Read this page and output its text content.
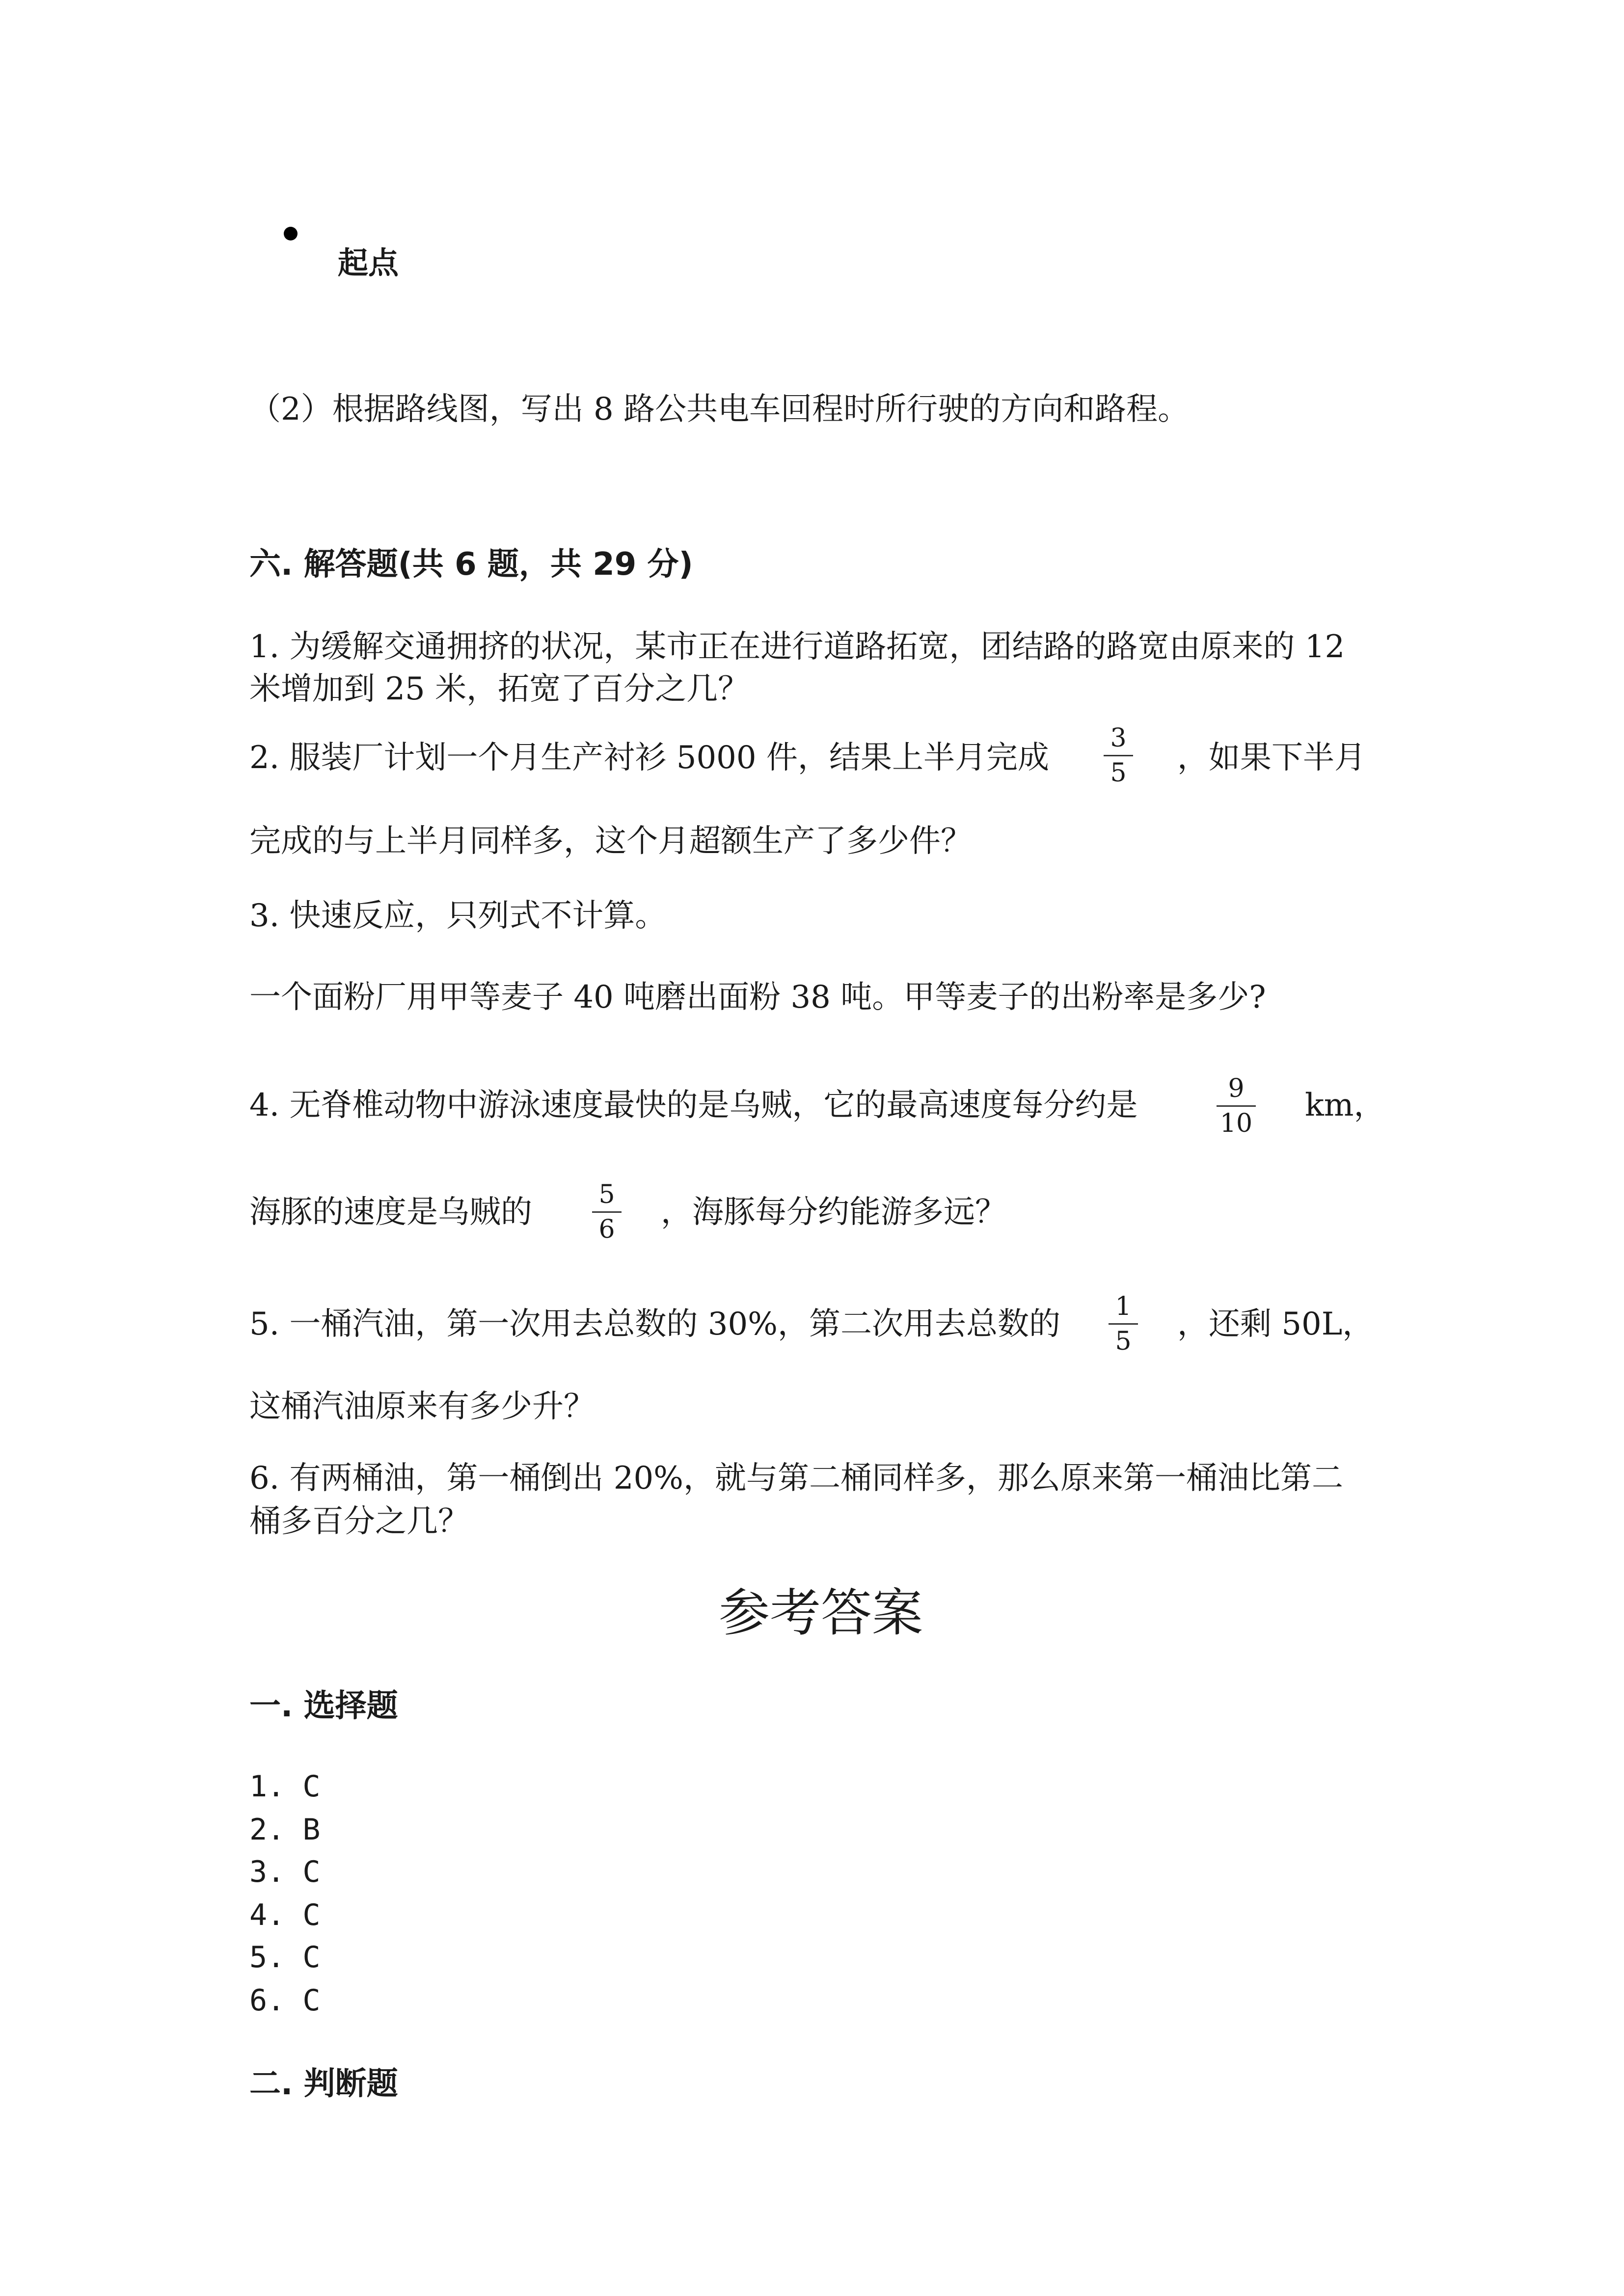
起点
（2）根据路线图，写出 8 路公共电车回程时所行驶的方向和路程。
六. 解答题(共 6 题，共 29 分)
1. 为缓解交通拥挤的状况，某市正在进行道路拓宽，团结路的路宽由原来的 12
米增加到 25 米，拓宽了百分之几？
2. 服装厂计划一个月生产衬衫 5000 件，结果上半月完成
3
5 ，如果下半月
完成的与上半月同样多，这个月超额生产了多少件？
3. 快速反应，只列式不计算。
一个面粉厂用甲等麦子 40 吨磨出面粉 38 吨。甲等麦子的出粉率是多少?
4. 无脊椎动物中游泳速度最快的是乌贼，它的最高速度每分约是	9
10 km，
海豚的速度是乌贼的	5
6 ，海豚每分约能游多远？
5. 一桶汽油，第一次用去总数的 30%，第二次用去总数的 1
5 ，还剩 50L，
这桶汽油原来有多少升？
6. 有两桶油，第一桶倒出 20%，就与第二桶同样多，那么原来第一桶油比第二
桶多百分之几？
参考答案
一. 选择题
1. C
2. B
3. C
4. C
5. C
6. C
二. 判断题
